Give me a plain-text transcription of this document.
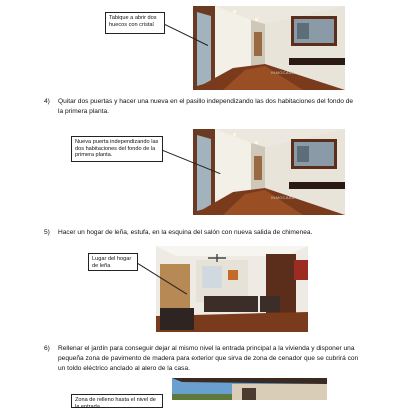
INMOCASA
Tabique a abrir dos huecos con cristal
4) Quitar dos puertas y hacer una nueva en el pasillo independizando las dos habitaciones del fondo de
la primera planta.
INMOCASA
Nueva puerta independizando las dos habitaciones del fondo de la primera planta.
5) Hacer un hogar de leña, estufa, en la esquina del salón con nueva salida de chimenea.
Lugar del hogar de leña
6) Rellenar el jardín para conseguir dejar al mismo nivel la entrada principal a la vivienda y disponer una
pequeña zona de pavimento de madera para exterior que sirva de zona de cenador que se cubrirá con
un toldo eléctrico anclado al alero de la casa.
Zona de relleno hasta el nivel de la entrada
